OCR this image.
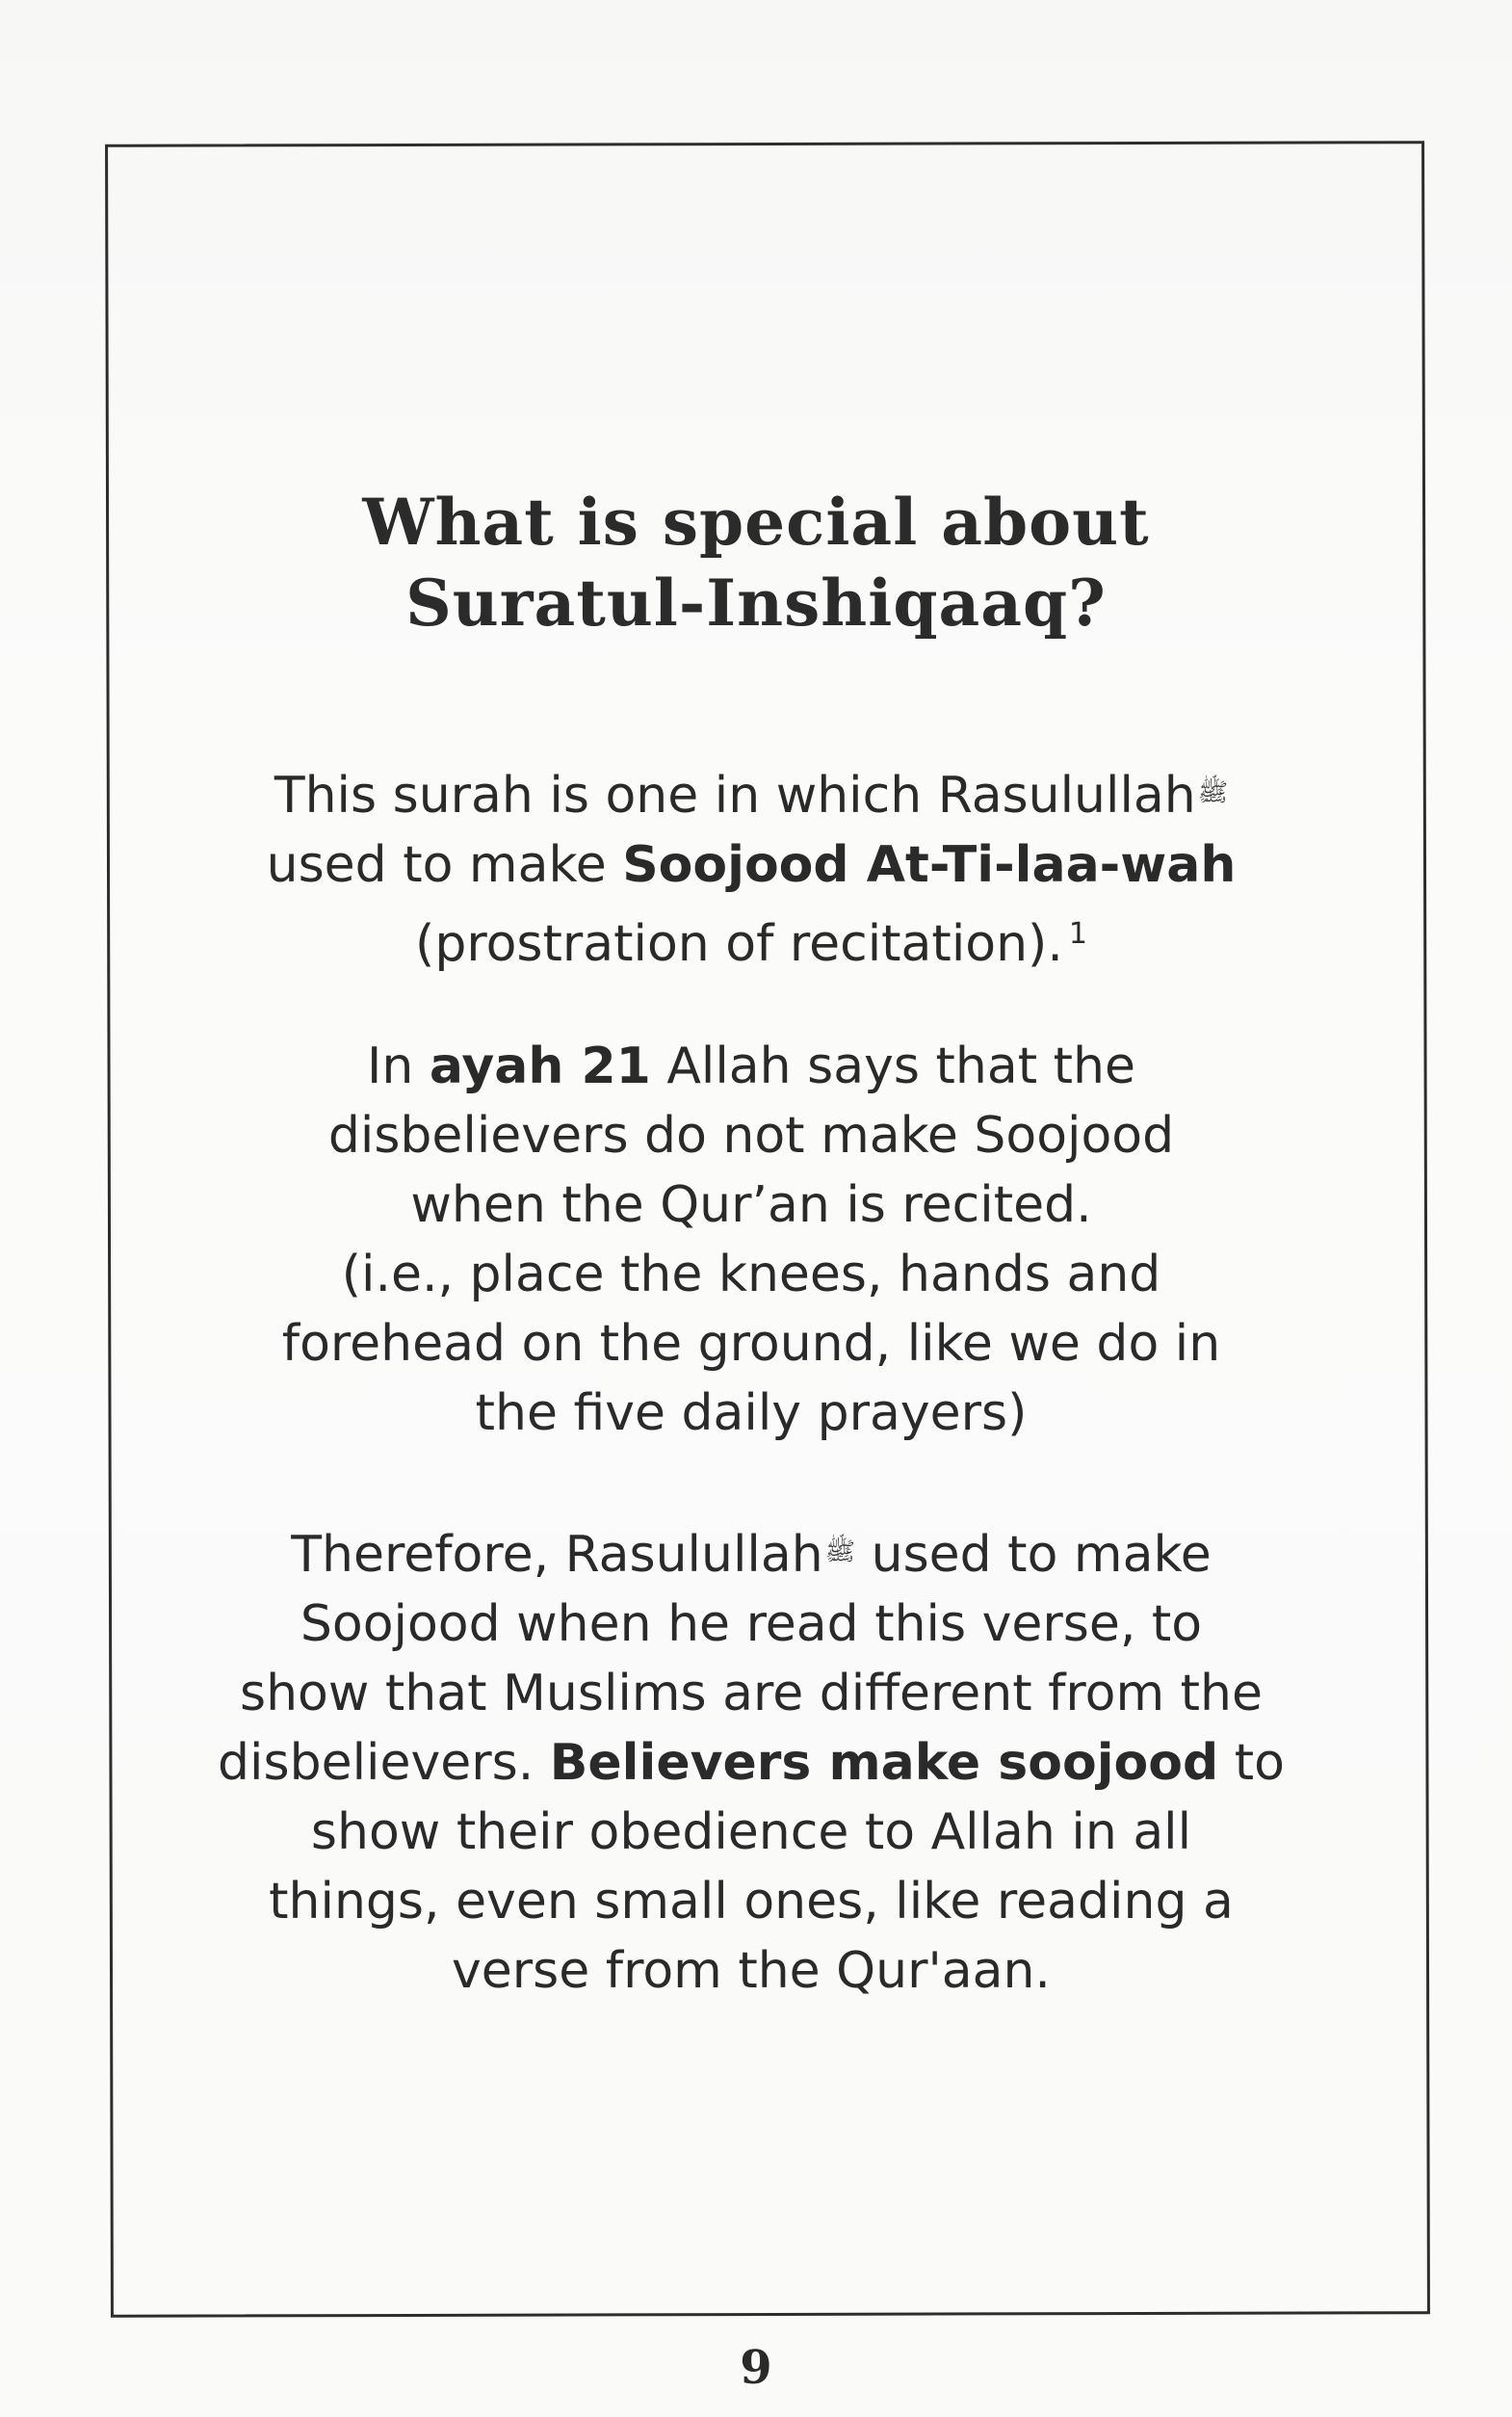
What is special about
Suratul-Inshiqaaq?
This surah is one in which Rasulullah$^ﷺ$
used to make Soojood At-Ti-laa-wah
(prostration of recitation). $^1$
In ayah 21 Allah says that the
disbelievers do not make Soojood
when the Qur’an is recited.
(i.e., place the knees, hands and
forehead on the ground, like we do in
the five daily prayers)
Therefore, Rasulullah$^ﷺ$ used to make
Soojood when he read this verse, to
show that Muslims are different from the
disbelievers. Believers make soojood to
show their obedience to Allah in all
things, even small ones, like reading a
verse from the Qur'aan.
9
